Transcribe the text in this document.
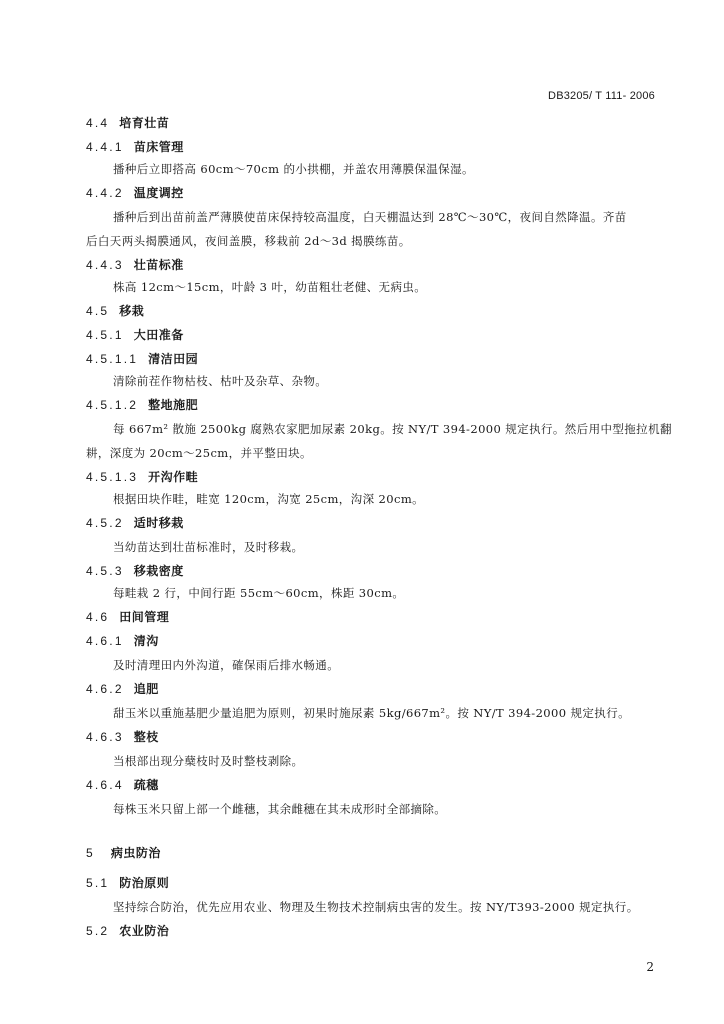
DB3205/ T 111- 2006
4.4 培育壮苗
4.4.1 苗床管理
播种后立即搭高 60cm～70cm 的小拱棚，并盖农用薄膜保温保湿。
4.4.2 温度调控
播种后到出苗前盖严薄膜使苗床保持较高温度，白天棚温达到 28℃～30℃，夜间自然降温。齐苗
后白天两头揭膜通风，夜间盖膜，移栽前 2d～3d 揭膜练苗。
4.4.3 壮苗标准
株高 12cm～15cm，叶龄 3 叶，幼苗粗壮老健、无病虫。
4.5 移栽
4.5.1 大田准备
4.5.1.1 清洁田园
清除前茬作物枯枝、枯叶及杂草、杂物。
4.5.1.2 整地施肥
每 667m² 散施 2500kg 腐熟农家肥加尿素 20kg。按 NY/T 394-2000 规定执行。然后用中型拖拉机翻
耕，深度为 20cm～25cm，并平整田块。
4.5.1.3 开沟作畦
根据田块作畦，畦宽 120cm，沟宽 25cm，沟深 20cm。
4.5.2 适时移栽
当幼苗达到壮苗标准时，及时移栽。
4.5.3 移栽密度
每畦栽 2 行，中间行距 55cm～60cm，株距 30cm。
4.6 田间管理
4.6.1 清沟
及时清理田内外沟道，確保雨后排水畅通。
4.6.2 追肥
甜玉米以重施基肥少量追肥为原则，初果时施尿素 5kg/667m²。按 NY/T 394-2000 规定执行。
4.6.3 整枝
当根部出现分蘖枝时及时整枝剥除。
4.6.4 疏穗
每株玉米只留上部一个雌穗，其余雌穗在其未成形时全部摘除。
5 病虫防治
5.1 防治原则
坚持综合防治，优先应用农业、物理及生物技术控制病虫害的发生。按 NY/T393-2000 规定执行。
5.2 农业防治
2
